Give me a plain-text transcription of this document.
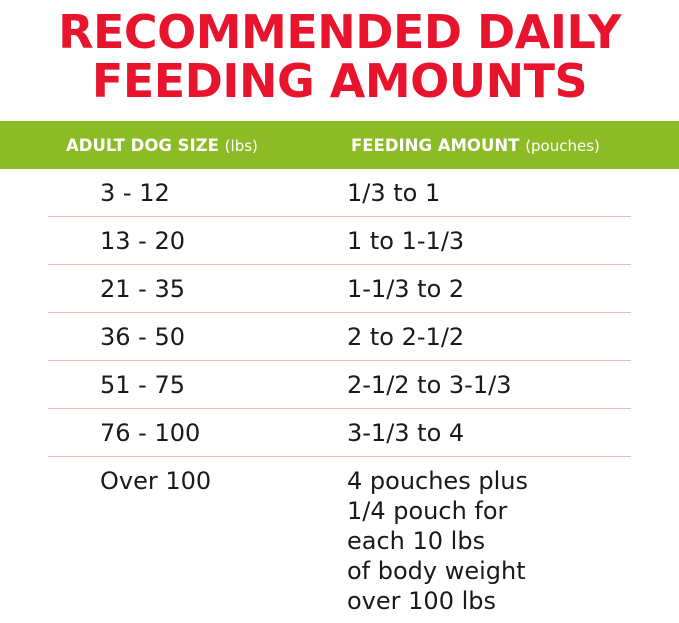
RECOMMENDED DAILY
FEEDING AMOUNTS
ADULT DOG SIZE (lbs)	FEEDING AMOUNT (pouches)
3 - 12	1/3 to 1
13 - 20	1 to 1-1/3
21 - 35	1-1/3 to 2
36 - 50	2 to 2-1/2
51 - 75	2-1/2 to 3-1/3
76 - 100	3-1/3 to 4
Over 100	4 pouches plus
1/4 pouch for
each 10 lbs
of body weight
over 100 lbs
